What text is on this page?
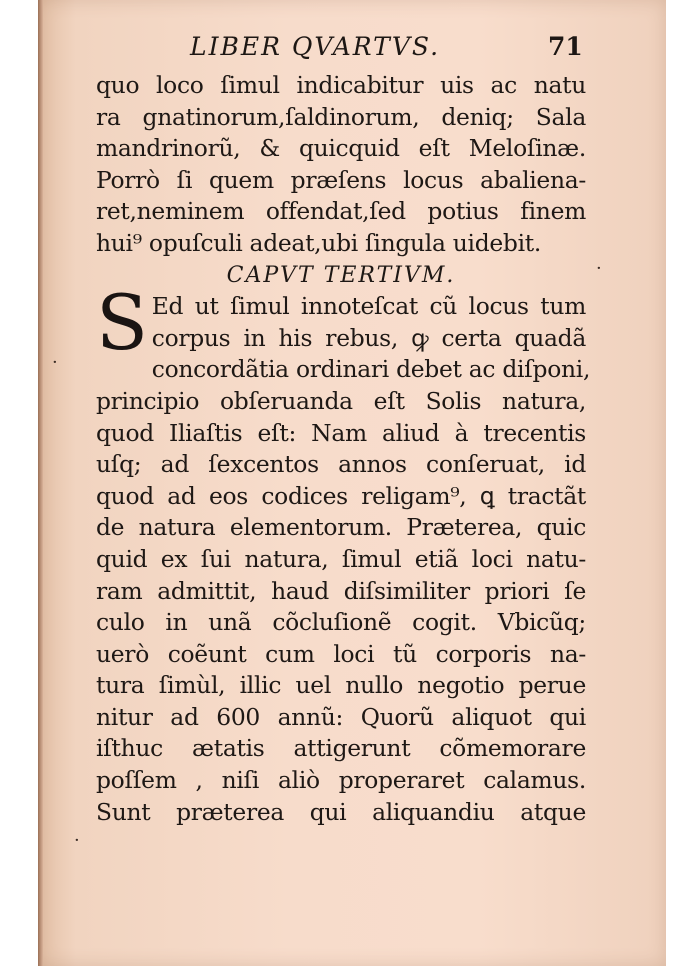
LIBER QVARTVS.	71
quo loco ſimul indicabitur uis ac natu
ra gnatinorum,ſaldinorum, deniq; Sala
mandrinorũ, & quicquid eſt Meloſinæ.
Porrò ſi quem præſens locus abaliena-
ret,neminem offendat,ſed potius finem
hui⁹ opuſculi adeat,ubi ſingula uidebit.
CAPVT TERTIVM.
S Ed ut ſimul innoteſcat cũ locus tum
corpus in his rebus, ꝙ certa quadã
concordãtia ordinari debet ac diſponi,
principio obſeruanda eſt Solis natura,
quod Iliaſtis eſt: Nam aliud à trecentis
uſq; ad ſexcentos annos conſeruat, id
quod ad eos codices religam⁹, ꝗ tractãt
de natura elementorum. Præterea, quic
quid ex ſui natura, ſimul etiã loci natu-
ram admittit, haud diſsimiliter priori ſe
culo in unã cõcluſionẽ cogit. Vbicũq;
uerò coẽunt cum loci tũ corporis na-
tura ſimùl, illic uel nullo negotio perue
nitur ad 600 annũ: Quorũ aliquot qui
iſthuc ætatis attigerunt cõmemorare
poſſem , niſi aliò properaret calamus.
Sunt præterea qui aliquandiu atque
·
·
·
